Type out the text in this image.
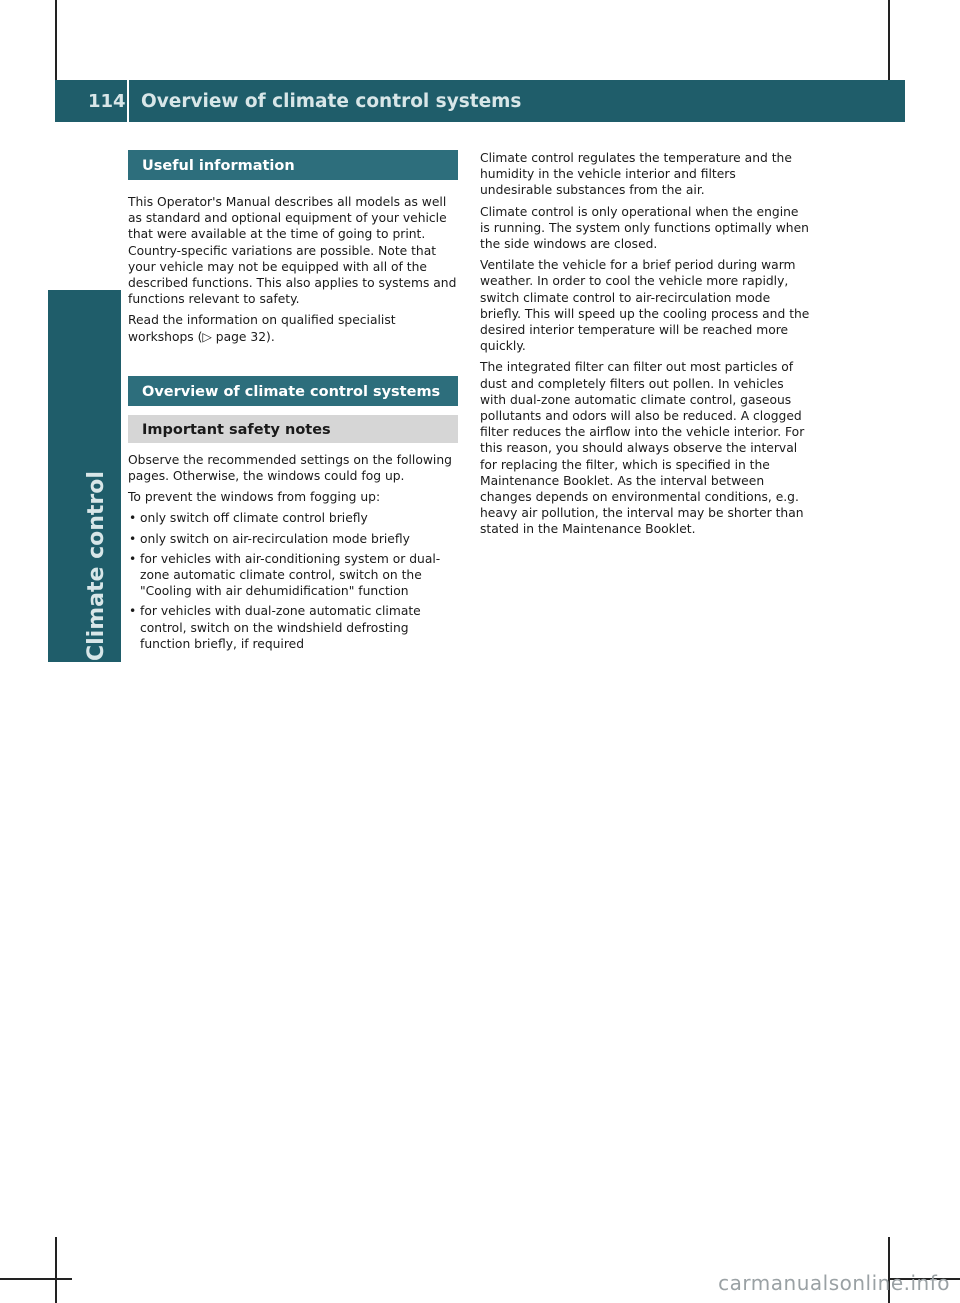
114 Overview of climate control systems
Climate control
Useful information

This Operator's Manual describes all models as well as standard and optional equipment of your vehicle that were available at the time of going to print. Country-specific variations are possible. Note that your vehicle may not be equipped with all of the described functions. This also applies to systems and functions relevant to safety.

Read the information on qualified specialist workshops (▷ page 32).

Overview of climate control systems
Important safety notes

Observe the recommended settings on the following pages. Otherwise, the windows could fog up.

To prevent the windows from fogging up:

• only switch off climate control briefly
• only switch on air-recirculation mode briefly
• for vehicles with air-conditioning system or dual-zone automatic climate control, switch on the "Cooling with air dehumidification" function
• for vehicles with dual-zone automatic climate control, switch on the windshield defrosting function briefly, if required

Climate control regulates the temperature and the humidity in the vehicle interior and filters undesirable substances from the air.

Climate control is only operational when the engine is running. The system only functions optimally when the side windows are closed.

Ventilate the vehicle for a brief period during warm weather. In order to cool the vehicle more rapidly, switch climate control to air-recirculation mode briefly. This will speed up the cooling process and the desired interior temperature will be reached more quickly.

The integrated filter can filter out most particles of dust and completely filters out pollen. In vehicles with dual-zone automatic climate control, gaseous pollutants and odors will also be reduced. A clogged filter reduces the airflow into the vehicle interior. For this reason, you should always observe the interval for replacing the filter, which is specified in the Maintenance Booklet. As the interval between changes depends on environmental conditions, e.g. heavy air pollution, the interval may be shorter than stated in the Maintenance Booklet.

carmanualsonline.info
